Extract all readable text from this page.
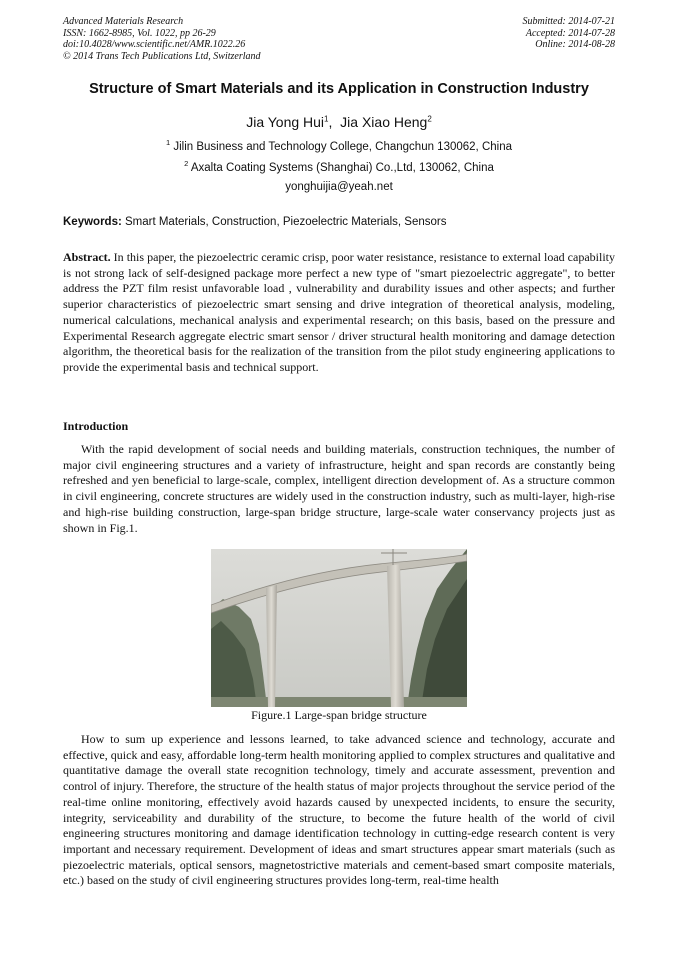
Advanced Materials Research
ISSN: 1662-8985, Vol. 1022, pp 26-29
doi:10.4028/www.scientific.net/AMR.1022.26
© 2014 Trans Tech Publications Ltd, Switzerland
Submitted: 2014-07-21
Accepted: 2014-07-28
Online: 2014-08-28
Structure of Smart Materials and its Application in Construction Industry
Jia Yong Hui$^1$,  Jia Xiao Heng$^2$
$^1$ Jilin Business and Technology College, Changchun 130062, China
$^2$ Axalta Coating Systems (Shanghai) Co.,Ltd, 130062, China
yonghuijia@yeah.net
Keywords: Smart Materials, Construction, Piezoelectric Materials, Sensors
Abstract. In this paper, the piezoelectric ceramic crisp, poor water resistance, resistance to external load capability is not strong lack of self-designed package more perfect a new type of "smart piezoelectric aggregate", to better address the PZT film resist unfavorable load , vulnerability and durability issues and other aspects; and further superior characteristics of piezoelectric smart sensing and drive integration of theoretical analysis, modeling, numerical calculations, mechanical analysis and experimental research; on this basis, based on the pressure and Experimental Research aggregate electric smart sensor / driver structural health monitoring and damage detection algorithm, the theoretical basis for the realization of the transition from the pilot study engineering applications to provide the experimental basis and technical support.
Introduction
With the rapid development of social needs and building materials, construction techniques, the number of major civil engineering structures and a variety of infrastructure, height and span records are constantly being refreshed and yen beneficial to large-scale, complex, intelligent direction development of. As a structure common in civil engineering, concrete structures are widely used in the construction industry, such as multi-layer, high-rise and high-rise building construction, large-span bridge structure, large-scale water conservancy projects just as shown in Fig.1.
Figure.1 Large-span bridge structure
How to sum up experience and lessons learned, to take advanced science and technology, accurate and effective, quick and easy, affordable long-term health monitoring applied to complex structures and qualitative and quantitative damage the overall state recognition technology, timely and accurate assessment, prevention and control of injury. Therefore, the structure of the health status of major projects throughout the service period of the real-time online monitoring, effectively avoid hazards caused by unexpected incidents, to ensure the security, integrity, serviceability and durability of the structure, to become the future health of the world of civil engineering structures monitoring and damage identification technology in cutting-edge research content is very important and necessary requirement. Development of ideas and smart structures appear smart materials (such as piezoelectric materials, optical sensors, magnetostrictive materials and cement-based smart composite materials, etc.) based on the study of civil engineering structures provides long-term, real-time health
